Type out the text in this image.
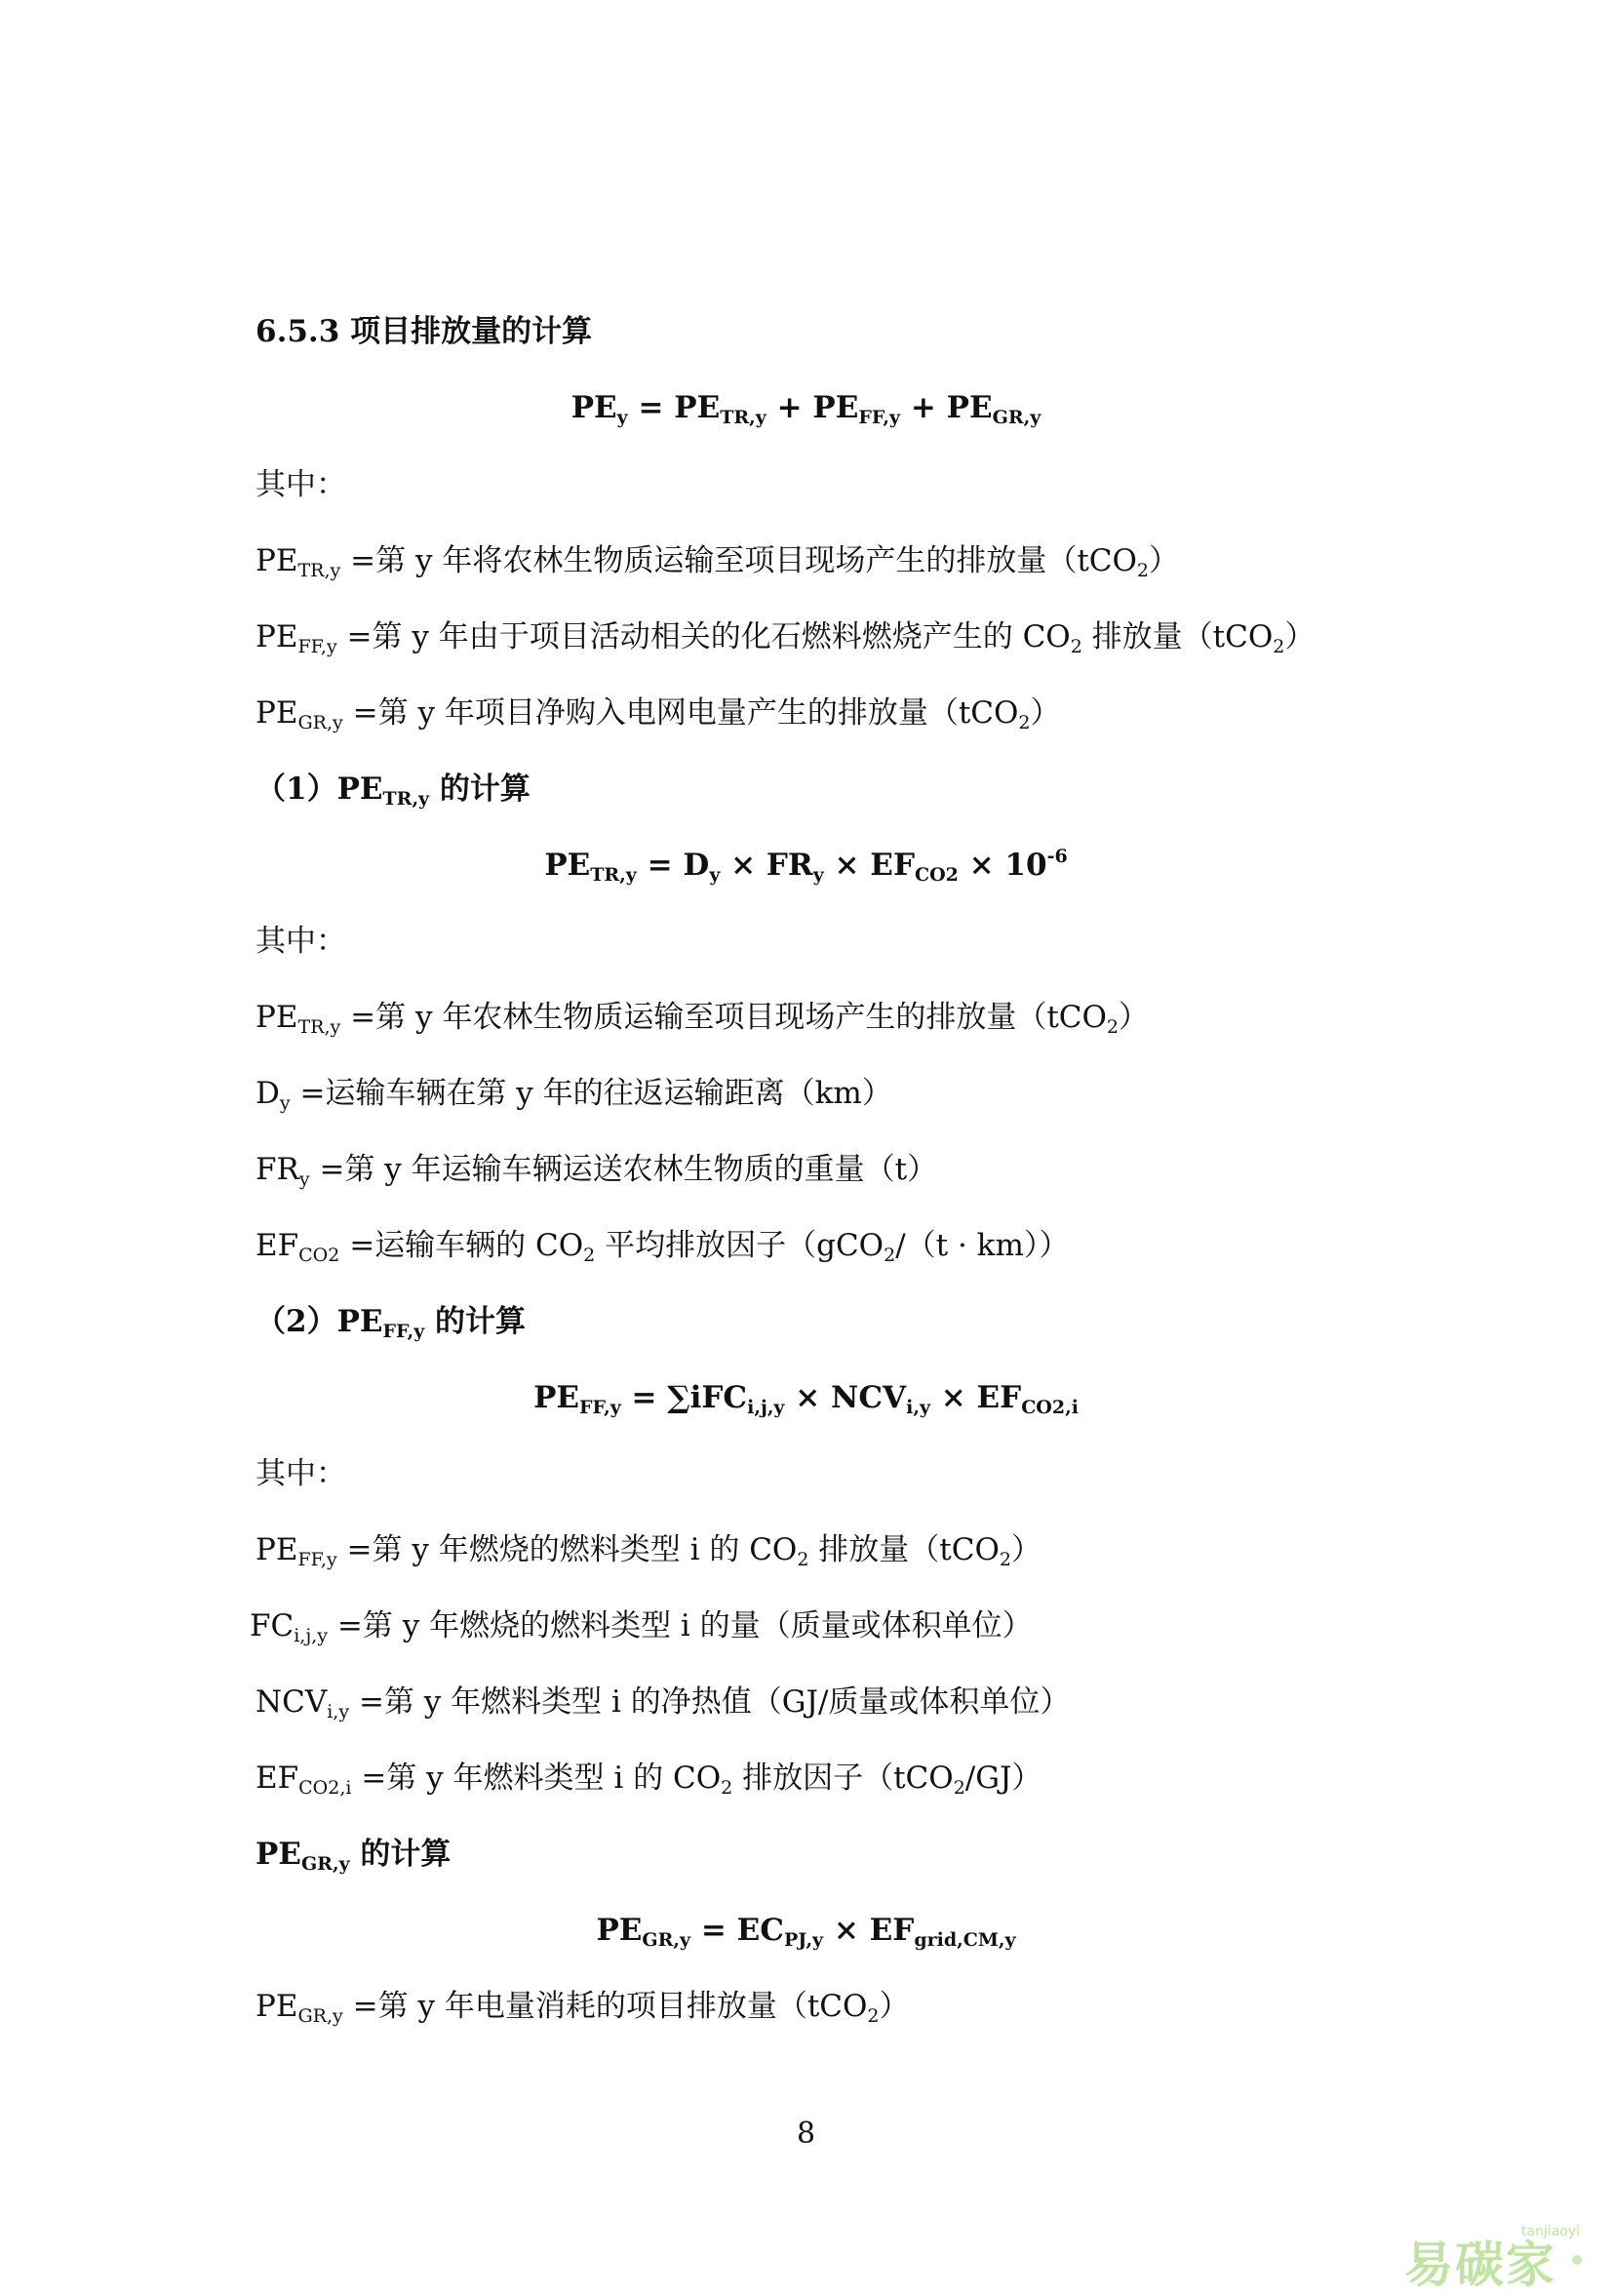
6.5.3 项目排放量的计算
$PE_y = PE_{TR,y} + PE_{FF,y} + PE_{GR,y}$
其中：
$PE_{TR,y}$ =第 y 年将农林生物质运输至项目现场产生的排放量（tCO$_2$）
$PE_{FF,y}$ =第 y 年由于项目活动相关的化石燃料燃烧产生的 $CO_2$ 排放量（tCO$_2$）
$PE_{GR,y}$ =第 y 年项目净购入电网电量产生的排放量（tCO$_2$）
$(1)PE_{TR,y}$ 的计算
$PE_{TR,y} = D_y \times FR_y \times EF_{CO2} \times 10^{-6}$
其中：
$PE_{TR,y}$ =第 y 年农林生物质运输至项目现场产生的排放量（tCO$_2$）
$D_y$ =运输车辆在第 y 年的往返运输距离（km）
$FR_y$ =第 y 年运输车辆运送农林生物质的重量（t）
$EF_{CO2}$ =运输车辆的 $CO_2$ 平均排放因子（gCO$_2$/（t · km））
$(2)PE_{FF,y}$ 的计算
$PE_{FF,y} = \sum iFC_{i,j,y} \times NCV_{i,y} \times EF_{CO2,i}$
其中：
$PE_{FF,y}$ =第 y 年燃烧的燃料类型 i 的 $CO_2$ 排放量（tCO$_2$）
$FC_{i,j,y}$ =第 y 年燃烧的燃料类型 i 的量（质量或体积单位）
$NCV_{i,y}$ =第 y 年燃料类型 i 的净热值（GJ/质量或体积单位）
$EF_{CO2,i}$ =第 y 年燃料类型 i 的 $CO_2$ 排放因子（tCO$_2$/GJ）
$PE_{GR,y}$ 的计算
$PE_{GR,y} = EC_{PJ,y} \times EF_{grid,CM,y}$
$PE_{GR,y}$ =第 y 年电量消耗的项目排放量（tCO$_2$）
8
易碳家
tanjiaoyi
